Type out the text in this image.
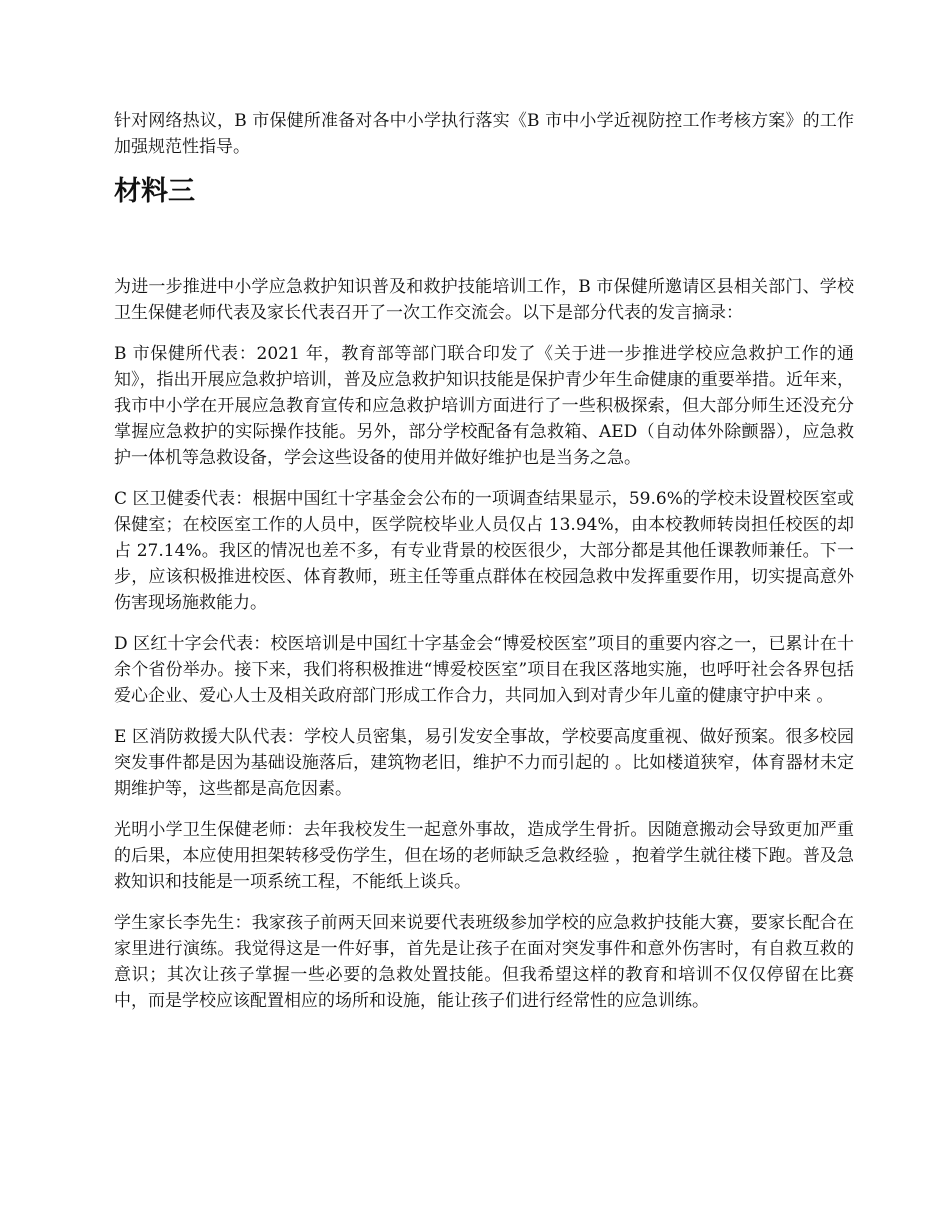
针对网络热议，B 市保健所准备对各中小学执行落实《B 市中小学近视防控工作考核方案》的工作加强规范性指导。

材料三

为进一步推进中小学应急救护知识普及和救护技能培训工作，B 市保健所邀请区县相关部门、学校卫生保健老师代表及家长代表召开了一次工作交流会。以下是部分代表的发言摘录：

B 市保健所代表：2021 年，教育部等部门联合印发了《关于进一步推进学校应急救护工作的通知》，指出开展应急救护培训，普及应急救护知识技能是保护青少年生命健康的重要举措。近年来，我市中小学在开展应急教育宣传和应急救护培训方面进行了一些积极探索，但大部分师生还没充分掌握应急救护的实际操作技能。另外，部分学校配备有急救箱、AED（自动体外除颤器），应急救护一体机等急救设备，学会这些设备的使用并做好维护也是当务之急。

C 区卫健委代表：根据中国红十字基金会公布的一项调查结果显示，59.6%的学校未设置校医室或保健室；在校医室工作的人员中，医学院校毕业人员仅占 13.94%，由本校教师转岗担任校医的却占 27.14%。我区的情况也差不多，有专业背景的校医很少，大部分都是其他任课教师兼任。下一步，应该积极推进校医、体育教师，班主任等重点群体在校园急救中发挥重要作用，切实提高意外伤害现场施救能力。

D 区红十字会代表：校医培训是中国红十字基金会“博爱校医室”项目的重要内容之一，已累计在十余个省份举办。接下来，我们将积极推进“博爱校医室”项目在我区落地实施，也呼吁社会各界包括爱心企业、爱心人士及相关政府部门形成工作合力，共同加入到对青少年儿童的健康守护中来 。

E 区消防救援大队代表：学校人员密集，易引发安全事故，学校要高度重视、做好预案。很多校园突发事件都是因为基础设施落后，建筑物老旧，维护不力而引起的 。比如楼道狭窄，体育器材未定期维护等，这些都是高危因素。

光明小学卫生保健老师：去年我校发生一起意外事故，造成学生骨折。因随意搬动会导致更加严重的后果，本应使用担架转移受伤学生，但在场的老师缺乏急救经验 ，抱着学生就往楼下跑。普及急救知识和技能是一项系统工程，不能纸上谈兵。

学生家长李先生：我家孩子前两天回来说要代表班级参加学校的应急救护技能大赛，要家长配合在家里进行演练。我觉得这是一件好事，首先是让孩子在面对突发事件和意外伤害时，有自救互救的意识；其次让孩子掌握一些必要的急救处置技能。但我希望这样的教育和培训不仅仅停留在比赛中，而是学校应该配置相应的场所和设施，能让孩子们进行经常性的应急训练。
